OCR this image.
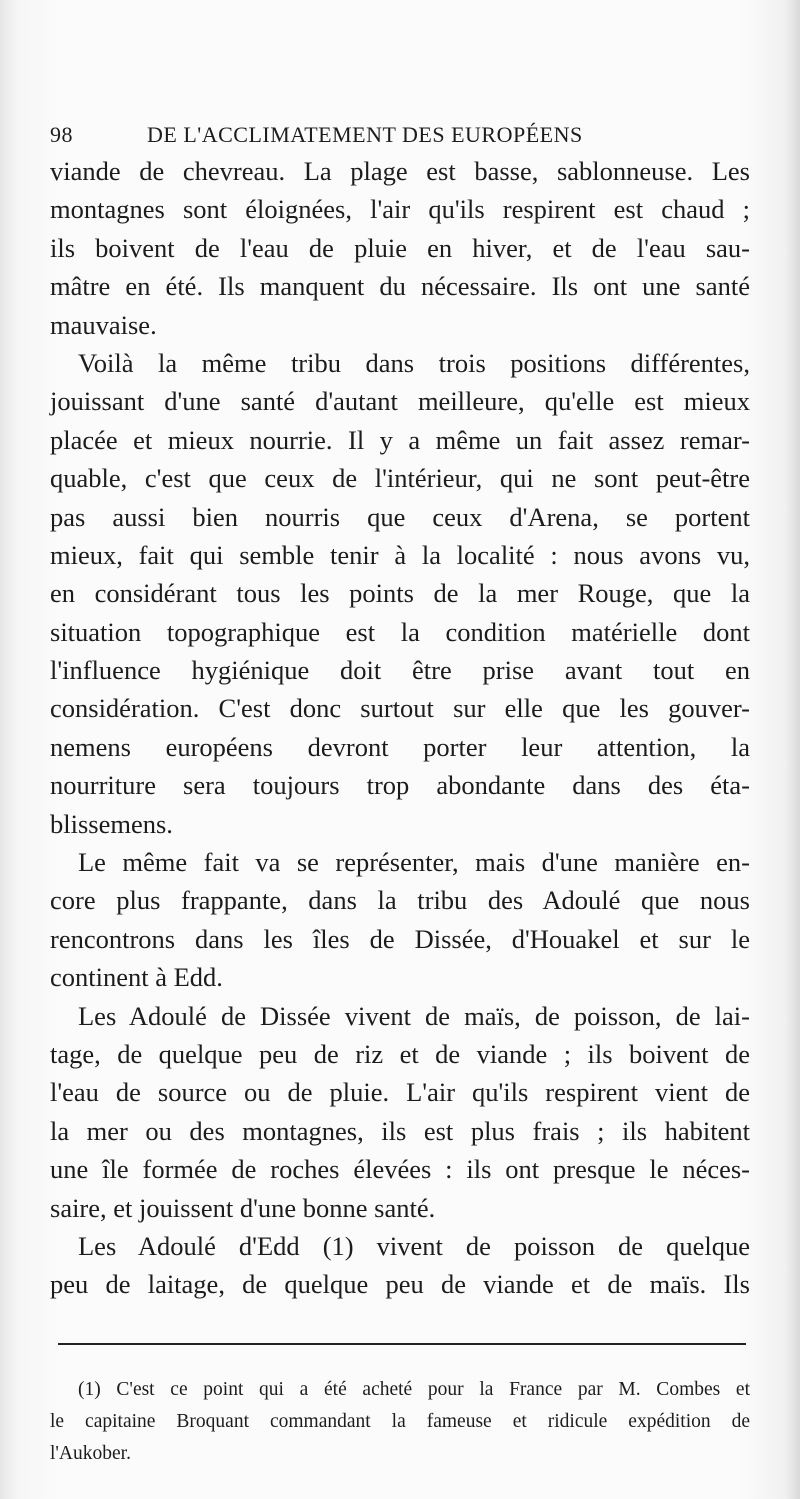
98	DE L'ACCLIMATEMENT DES EUROPÉENS
viande de chevreau. La plage est basse, sablonneuse. Les
montagnes sont éloignées, l'air qu'ils respirent est chaud ;
ils boivent de l'eau de pluie en hiver, et de l'eau sau-
mâtre en été. Ils manquent du nécessaire. Ils ont une santé
mauvaise.
Voilà la même tribu dans trois positions différentes,
jouissant d'une santé d'autant meilleure, qu'elle est mieux
placée et mieux nourrie. Il y a même un fait assez remar-
quable, c'est que ceux de l'intérieur, qui ne sont peut-être
pas aussi bien nourris que ceux d'Arena, se portent
mieux, fait qui semble tenir à la localité : nous avons vu,
en considérant tous les points de la mer Rouge, que la
situation topographique est la condition matérielle dont
l'influence hygiénique doit être prise avant tout en
considération. C'est donc surtout sur elle que les gouver-
nemens européens devront porter leur attention, la
nourriture sera toujours trop abondante dans des éta-
blissemens.
Le même fait va se représenter, mais d'une manière en-
core plus frappante, dans la tribu des Adoulé que nous
rencontrons dans les îles de Dissée, d'Houakel et sur le
continent à Edd.
Les Adoulé de Dissée vivent de maïs, de poisson, de lai-
tage, de quelque peu de riz et de viande ; ils boivent de
l'eau de source ou de pluie. L'air qu'ils respirent vient de
la mer ou des montagnes, ils est plus frais ; ils habitent
une île formée de roches élevées : ils ont presque le néces-
saire, et jouissent d'une bonne santé.
Les Adoulé d'Edd (1) vivent de poisson de quelque
peu de laitage, de quelque peu de viande et de maïs. Ils
(1) C'est ce point qui a été acheté pour la France par M. Combes et
le capitaine Broquant commandant la fameuse et ridicule expédition de
l'Aukober.
